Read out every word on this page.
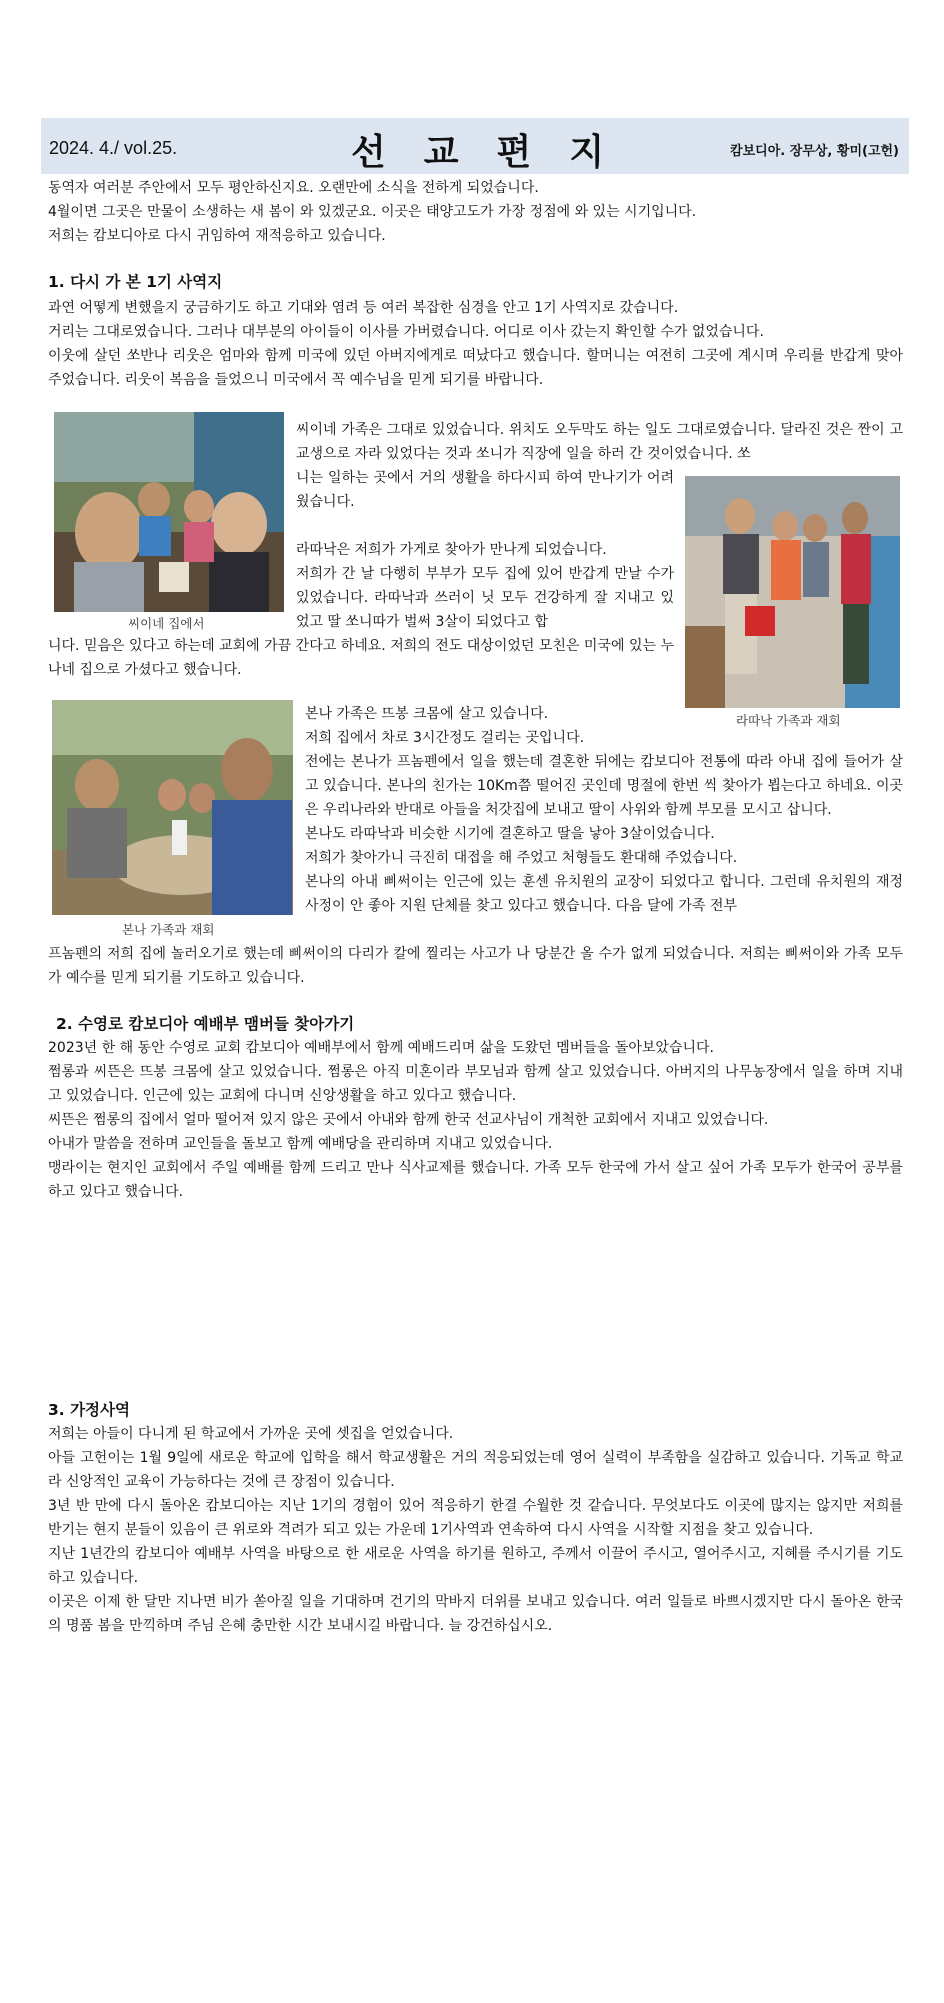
2024. 4./ vol.25.	선교편지	캄보디아. 장무상, 황미(고헌)

동역자 여러분 주안에서 모두 평안하신지요. 오랜만에 소식을 전하게 되었습니다.

4월이면 그곳은 만물이 소생하는 새 봄이 와 있겠군요. 이곳은 태양고도가 가장 정점에 와 있는 시기입니다.

저희는 캄보디아로 다시 귀임하여 재적응하고 있습니다.

1. 다시 가 본 1기 사역지

과연 어떻게 변했을지 궁금하기도 하고 기대와 염려 등 여러 복잡한 심경을 안고 1기 사역지로 갔습니다.

거리는 그대로였습니다. 그러나 대부분의 아이들이 이사를 가버렸습니다. 어디로 이사 갔는지 확인할 수가 없었습니다.

이웃에 살던 쏘반나 리웃은 엄마와 함께 미국에 있던 아버지에게로 떠났다고 했습니다. 할머니는 여전히 그곳에 계시며 우리를 반갑게 맞아 주었습니다. 리웃이 복음을 들었으니 미국에서 꼭 예수님을 믿게 되기를 바랍니다.

씨이네 집에서

씨이네 가족은 그대로 있었습니다. 위치도 오두막도 하는 일도 그대로였습니다. 달라진 것은 짠이 고교생으로 자라 있었다는 것과 쏘니가 직장에 일을 하러 간 것이었습니다. 쏘

니는 일하는 곳에서 거의 생활을 하다시피 하여 만나기가 어려웠습니다.

라따낙은 저희가 가게로 찾아가 만나게 되었습니다.

저희가 간 날 다행히 부부가 모두 집에 있어 반갑게 만날 수가 있었습니다. 라따낙과 쓰러이 닛 모두 건강하게 잘 지내고 있었고 딸 쏘니따가 벌써 3살이 되었다고 합

니다. 믿음은 있다고 하는데 교회에 가끔 간다고 하네요. 저희의 전도 대상이었던 모친은 미국에 있는 누나네 집으로 가셨다고 했습니다.

라따낙 가족과 재회

본나 가족과 재회

본나 가족은 뜨봉 크몸에 살고 있습니다.

저희 집에서 차로 3시간정도 걸리는 곳입니다.

전에는 본나가 프놈펜에서 일을 했는데 결혼한 뒤에는 캄보디아 전통에 따라 아내 집에 들어가 살고 있습니다. 본나의 친가는 10Km쯤 떨어진 곳인데 명절에 한번 씩 찾아가 뵙는다고 하네요. 이곳은 우리나라와 반대로 아들을 처갓집에 보내고 딸이 사위와 함께 부모를 모시고 삽니다.

본나도 라따낙과 비슷한 시기에 결혼하고 딸을 낳아 3살이었습니다.

저희가 찾아가니 극진히 대접을 해 주었고 처형들도 환대해 주었습니다.

본나의 아내 삐써이는 인근에 있는 훈센 유치원의 교장이 되었다고 합니다. 그런데 유치원의 재정사정이 안 좋아 지원 단체를 찾고 있다고 했습니다. 다음 달에 가족 전부

프놈펜의 저희 집에 놀러오기로 했는데 삐써이의 다리가 칼에 찔리는 사고가 나 당분간 올 수가 없게 되었습니다. 저희는 삐써이와 가족 모두가 예수를 믿게 되기를 기도하고 있습니다.

2. 수영로 캄보디아 예배부 맴버들 찾아가기

2023년 한 해 동안 수영로 교회 캄보디아 예배부에서 함께 예배드리며 삶을 도왔던 멤버들을 돌아보았습니다.

쩜롱과 씨뜬은 뜨봉 크몸에 살고 있었습니다. 쩜롱은 아직 미혼이라 부모님과 함께 살고 있었습니다. 아버지의 나무농장에서 일을 하며 지내고 있었습니다. 인근에 있는 교회에 다니며 신앙생활을 하고 있다고 했습니다.

씨뜬은 쩜롱의 집에서 얼마 떨어져 있지 않은 곳에서 아내와 함께 한국 선교사님이 개척한 교회에서 지내고 있었습니다.

아내가 말씀을 전하며 교인들을 돌보고 함께 예배당을 관리하며 지내고 있었습니다.

맹라이는 현지인 교회에서 주일 예배를 함께 드리고 만나 식사교제를 했습니다. 가족 모두 한국에 가서 살고 싶어 가족 모두가 한국어 공부를 하고 있다고 했습니다.

3. 가정사역

저희는 아들이 다니게 된 학교에서 가까운 곳에 셋집을 얻었습니다.

아들 고헌이는 1월 9일에 새로운 학교에 입학을 해서 학교생활은 거의 적응되었는데 영어 실력이 부족함을 실감하고 있습니다. 기독교 학교라 신앙적인 교육이 가능하다는 것에 큰 장점이 있습니다.

3년 반 만에 다시 돌아온 캄보디아는 지난 1기의 경험이 있어 적응하기 한결 수월한 것 같습니다. 무엇보다도 이곳에 많지는 않지만 저희를 반기는 현지 분들이 있음이 큰 위로와 격려가 되고 있는 가운데 1기사역과 연속하여 다시 사역을 시작할 지점을 찾고 있습니다.

지난 1년간의 캄보디아 예배부 사역을 바탕으로 한 새로운 사역을 하기를 원하고, 주께서 이끌어 주시고, 열어주시고, 지혜를 주시기를 기도하고 있습니다.

이곳은 이제 한 달만 지나면 비가 쏟아질 일을 기대하며 건기의 막바지 더위를 보내고 있습니다. 여러 일들로 바쁘시겠지만 다시 돌아온 한국의 명품 봄을 만끽하며 주님 은혜 충만한 시간 보내시길 바랍니다. 늘 강건하십시오.
